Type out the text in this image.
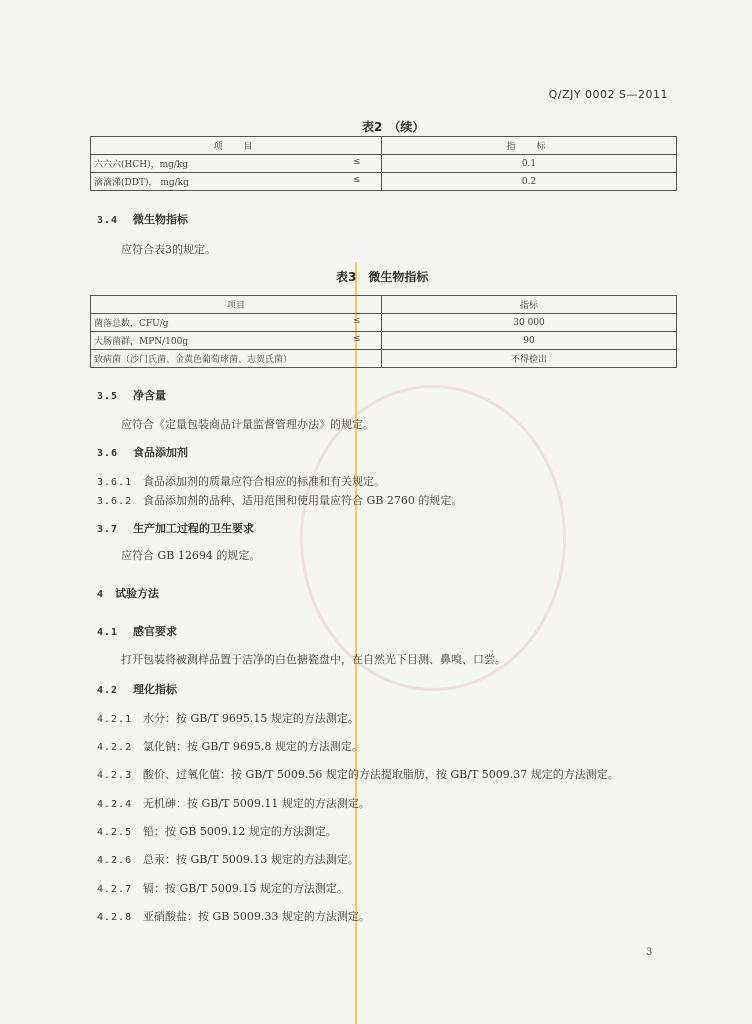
Q/ZJY 0002 S—2011
表2　（续）
项　目	指　标
六六六(HCH)，mg/kg ≤	0.1
滴滴涕(DDT)， mg/kg ≤	0.2
3.4 微生物指标
应符合表3的规定。
表3　微生物指标
项目	指标
菌落总数，CFU/g ≤	30 000
大肠菌群，MPN/100g ≤	90
致病菌（沙门氏菌、金黄色葡萄球菌、志贺氏菌）	不得检出
3.5 净含量
应符合《定量包装商品计量监督管理办法》的规定。
3.6 食品添加剂
3.6.1 食品添加剂的质量应符合相应的标准和有关规定。
3.6.2 食品添加剂的品种、适用范围和使用量应符合 GB 2760 的规定。
3.7 生产加工过程的卫生要求
应符合 GB 12694 的规定。
4 试验方法
4.1 感官要求
打开包装将被测样品置于洁净的白色搪瓷盘中，在自然光下目测、鼻嗅、口尝。
4.2 理化指标
4.2.1 水分：按 GB/T 9695.15 规定的方法测定。
4.2.2 氯化钠：按 GB/T 9695.8 规定的方法测定。
4.2.3 酸价、过氧化值：按 GB/T 5009.56 规定的方法提取脂肪，按 GB/T 5009.37 规定的方法测定。
4.2.4 无机砷：按 GB/T 5009.11 规定的方法测定。
4.2.5 铅：按 GB 5009.12 规定的方法测定。
4.2.6 总汞：按 GB/T 5009.13 规定的方法测定。
4.2.7 镉：按 GB/T 5009.15 规定的方法测定。
4.2.8 亚硝酸盐：按 GB 5009.33 规定的方法测定。
3
